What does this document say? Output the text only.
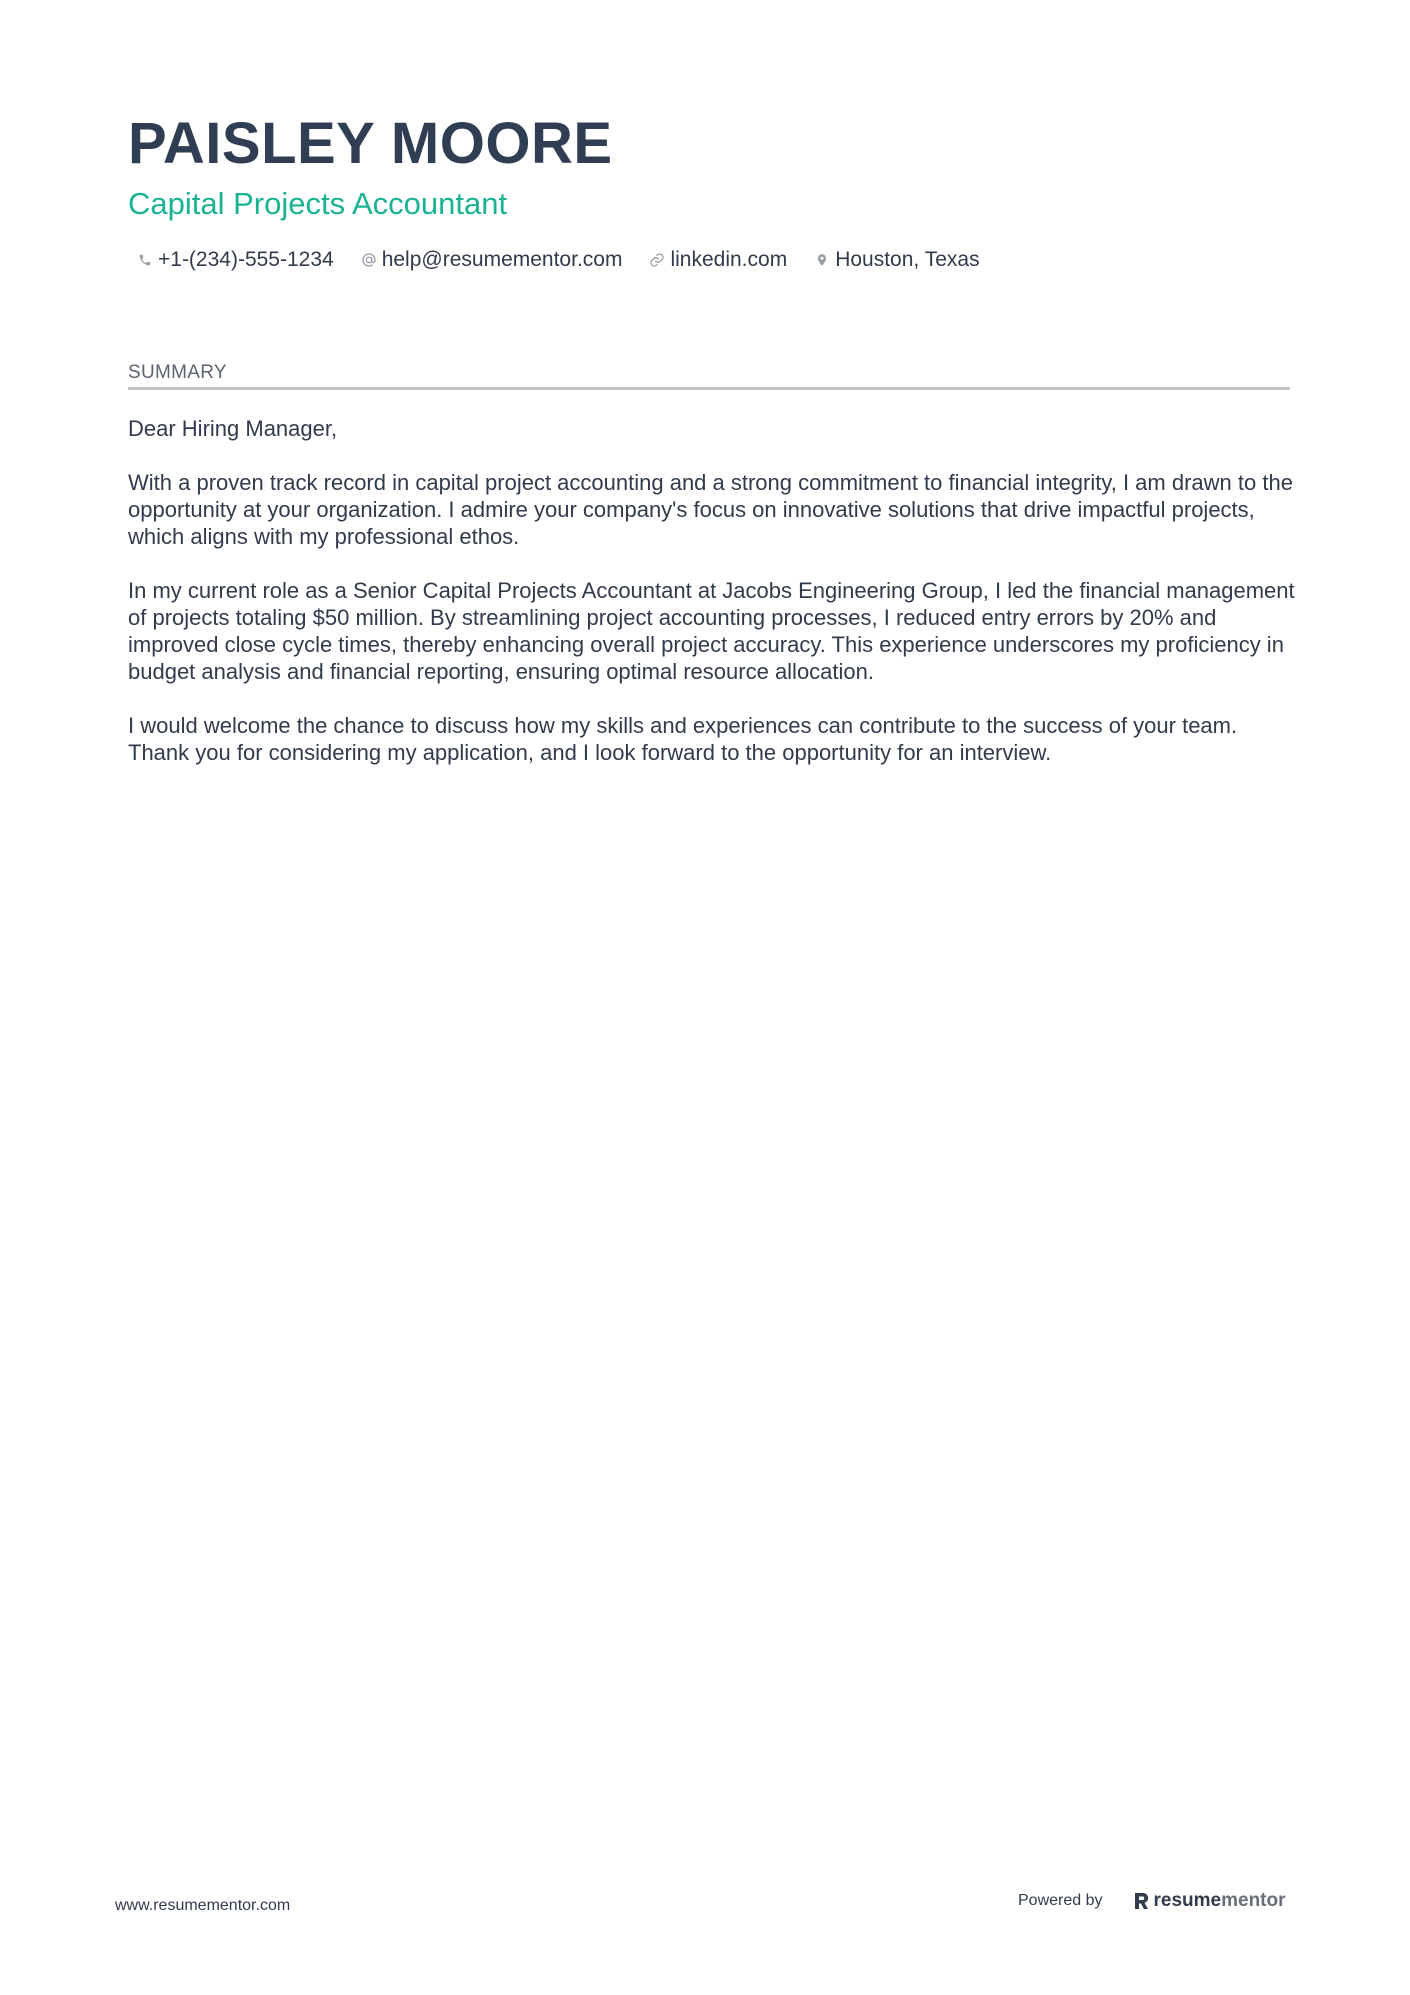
PAISLEY MOORE
Capital Projects Accountant
+1-(234)-555-1234 help@resumementor.com linkedin.com Houston, Texas
SUMMARY

Dear Hiring Manager,

With a proven track record in capital project accounting and a strong commitment to financial integrity, I am drawn to the opportunity at your organization. I admire your company's focus on innovative solutions that drive impactful projects, which aligns with my professional ethos.

In my current role as a Senior Capital Projects Accountant at Jacobs Engineering Group, I led the financial management of projects totaling $50 million. By streamlining project accounting processes, I reduced entry errors by 20% and improved close cycle times, thereby enhancing overall project accuracy. This experience underscores my proficiency in budget analysis and financial reporting, ensuring optimal resource allocation.

I would welcome the chance to discuss how my skills and experiences can contribute to the success of your team. Thank you for considering my application, and I look forward to the opportunity for an interview.

www.resumementor.com	Powered by	resume mentor
